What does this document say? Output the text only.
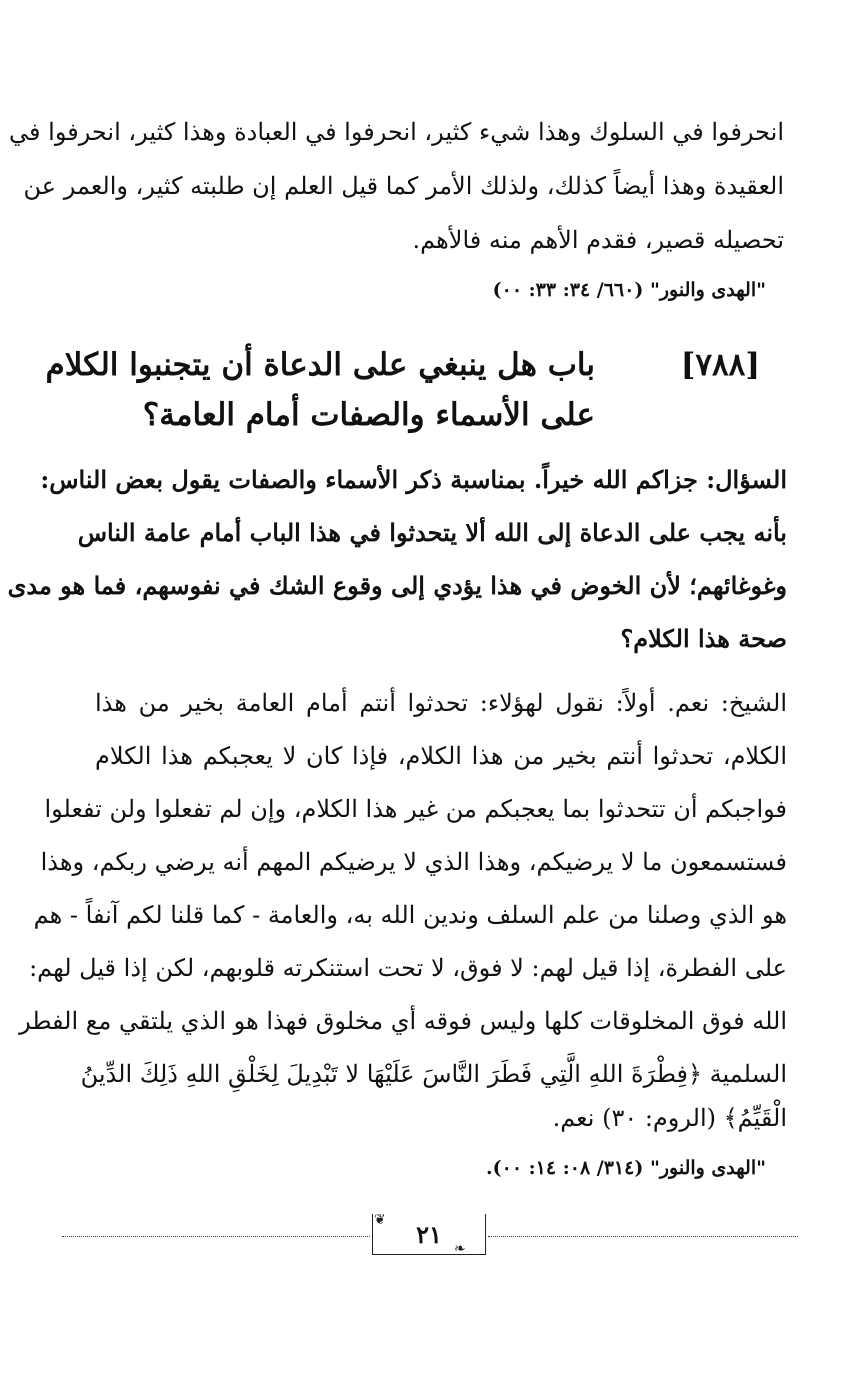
انحرفوا في السلوك وهذا شيء كثير، انحرفوا في العبادة وهذا كثير، انحرفوا في
العقيدة وهذا أيضاً كذلك، ولذلك الأمر كما قيل العلم إن طلبته كثير، والعمر عن
تحصيله قصير، فقدم الأهم منه فالأهم.
"الهدى والنور" (٦٦٠/ ٣٤: ٣٣: ٠٠)
[٧٨٨]
باب هل ينبغي على الدعاة أن يتجنبوا الكلام
على الأسماء والصفات أمام العامة؟
السؤال: جزاكم الله خيراً. بمناسبة ذكر الأسماء والصفات يقول بعض الناس:
بأنه يجب على الدعاة إلى الله ألا يتحدثوا في هذا الباب أمام عامة الناس
وغوغائهم؛ لأن الخوض في هذا يؤدي إلى وقوع الشك في نفوسهم، فما هو مدى
صحة هذا الكلام؟
الشيخ: نعم. أولاً: نقول لهؤلاء: تحدثوا أنتم أمام العامة بخير من هذا
الكلام، تحدثوا أنتم بخير من هذا الكلام، فإذا كان لا يعجبكم هذا الكلام
فواجبكم أن تتحدثوا بما يعجبكم من غير هذا الكلام، وإن لم تفعلوا ولن تفعلوا
فستسمعون ما لا يرضيكم، وهذا الذي لا يرضيكم المهم أنه يرضي ربكم، وهذا
هو الذي وصلنا من علم السلف وندين الله به، والعامة - كما قلنا لكم آنفاً - هم
على الفطرة، إذا قيل لهم: لا فوق، لا تحت استنكرته قلوبهم، لكن إذا قيل لهم:
الله فوق المخلوقات كلها وليس فوقه أي مخلوق فهذا هو الذي يلتقي مع الفطر
السلمية ﴿فِطْرَةَ اللهِ الَّتِي فَطَرَ النَّاسَ عَلَيْهَا لا تَبْدِيلَ لِخَلْقِ اللهِ ذَلِكَ الدِّينُ
الْقَيِّمُ﴾ (الروم: ٣٠) نعم.
"الهدى والنور" (٣١٤/ ٠٨: ١٤: ٠٠).
٢١
❦
❧
